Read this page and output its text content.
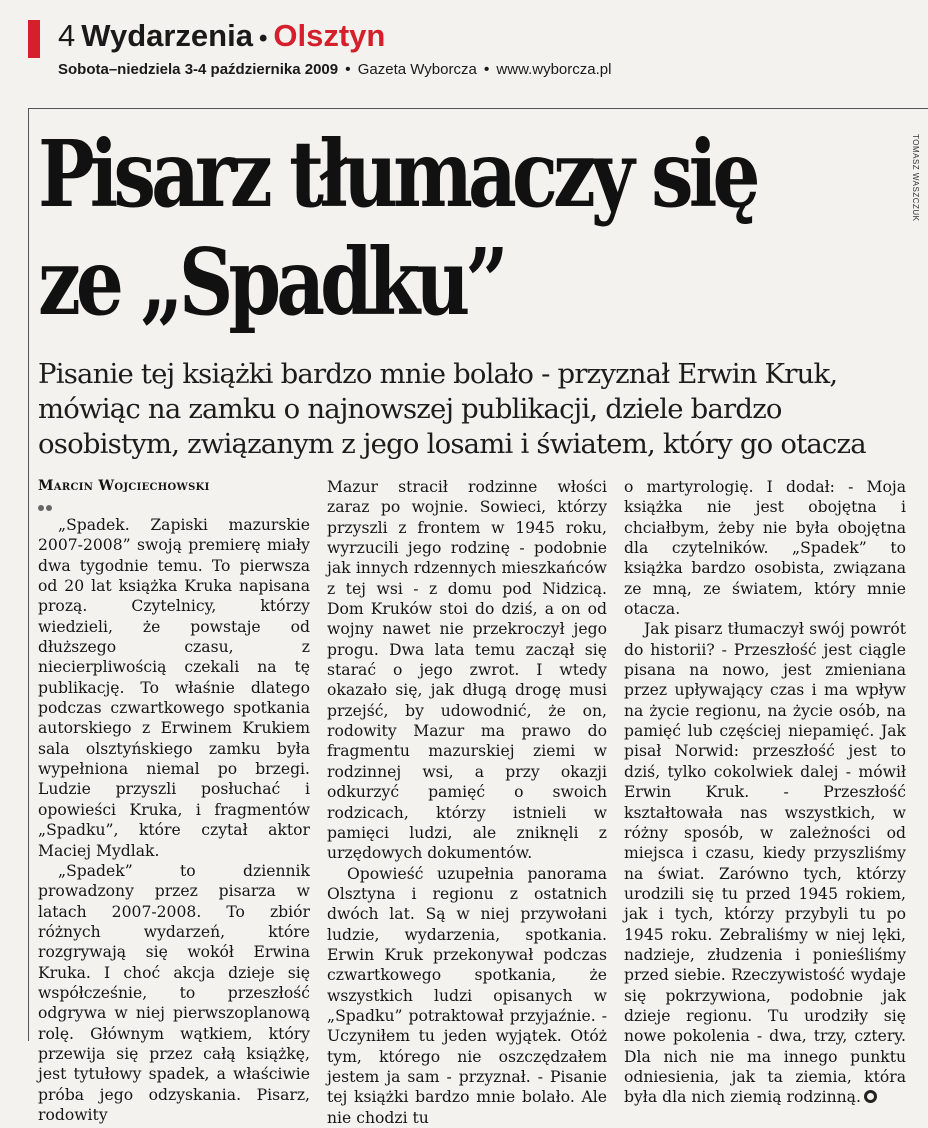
4 Wydarzenia • Olsztyn
Sobota–niedziela 3-4 października 2009 • Gazeta Wyborcza • www.wyborcza.pl
TOMASZ WASZCZUK
Pisarz tłumaczy się
ze „Spadku”
Pisanie tej książki bardzo mnie bolało - przyznał Erwin Kruk, mówiąc na zamku o najnowszej publikacji, dziele bardzo osobistym, związanym z jego losami i światem, który go otacza
Marcin Wojciechowski

„Spadek. Zapiski mazurskie 2007-2008” swoją premierę miały dwa tygodnie temu. To pierwsza od 20 lat książka Kruka napisana prozą. Czytelnicy, którzy wiedzieli, że powstaje od dłuższego czasu, z niecierpliwością czekali na tę publikację. To właśnie dlatego podczas czwartkowego spotkania autorskiego z Erwinem Krukiem sala olsztyńskiego zamku była wypełniona niemal po brzegi. Ludzie przyszli posłuchać i opowieści Kruka, i fragmentów „Spadku”, które czytał aktor Maciej Mydlak.

„Spadek” to dziennik prowadzony przez pisarza w latach 2007-2008. To zbiór różnych wydarzeń, które rozgrywają się wokół Erwina Kruka. I choć akcja dzieje się współcześnie, to przeszłość odgrywa w niej pierwszoplanową rolę. Głównym wątkiem, który przewija się przez całą książkę, jest tytułowy spadek, a właściwie próba jego odzyskania. Pisarz, rodowity

Mazur stracił rodzinne włości zaraz po wojnie. Sowieci, którzy przyszli z frontem w 1945 roku, wyrzucili jego rodzinę - podobnie jak innych rdzennych mieszkańców z tej wsi - z domu pod Nidzicą. Dom Kruków stoi do dziś, a on od wojny nawet nie przekroczył jego progu. Dwa lata temu zaczął się starać o jego zwrot. I wtedy okazało się, jak długą drogę musi przejść, by udowodnić, że on, rodowity Mazur ma prawo do fragmentu mazurskiej ziemi w rodzinnej wsi, a przy okazji odkurzyć pamięć o swoich rodzicach, którzy istnieli w pamięci ludzi, ale zniknęli z urzędowych dokumentów.

Opowieść uzupełnia panorama Olsztyna i regionu z ostatnich dwóch lat. Są w niej przywołani ludzie, wydarzenia, spotkania. Erwin Kruk przekonywał podczas czwartkowego spotkania, że wszystkich ludzi opisanych w „Spadku” potraktował przyjaźnie. - Uczyniłem tu jeden wyjątek. Otóż tym, którego nie oszczędzałem jestem ja sam - przyznał. - Pisanie tej książki bardzo mnie bolało. Ale nie chodzi tu

o martyrologię. I dodał: - Moja książka nie jest obojętna i chciałbym, żeby nie była obojętna dla czytelników. „Spadek” to książka bardzo osobista, związana ze mną, ze światem, który mnie otacza.

Jak pisarz tłumaczył swój powrót do historii? - Przeszłość jest ciągle pisana na nowo, jest zmieniana przez upływający czas i ma wpływ na życie regionu, na życie osób, na pamięć lub częściej niepamięć. Jak pisał Norwid: przeszłość jest to dziś, tylko cokolwiek dalej - mówił Erwin Kruk. - Przeszłość kształtowała nas wszystkich, w różny sposób, w zależności od miejsca i czasu, kiedy przyszliśmy na świat. Zarówno tych, którzy urodzili się tu przed 1945 rokiem, jak i tych, którzy przybyli tu po 1945 roku. Zebraliśmy w niej lęki, nadzieje, złudzenia i ponieśliśmy przed siebie. Rzeczywistość wydaje się pokrzywiona, podobnie jak dzieje regionu. Tu urodziły się nowe pokolenia - dwa, trzy, cztery. Dla nich nie ma innego punktu odniesienia, jak ta ziemia, która była dla nich ziemią rodzinną.
